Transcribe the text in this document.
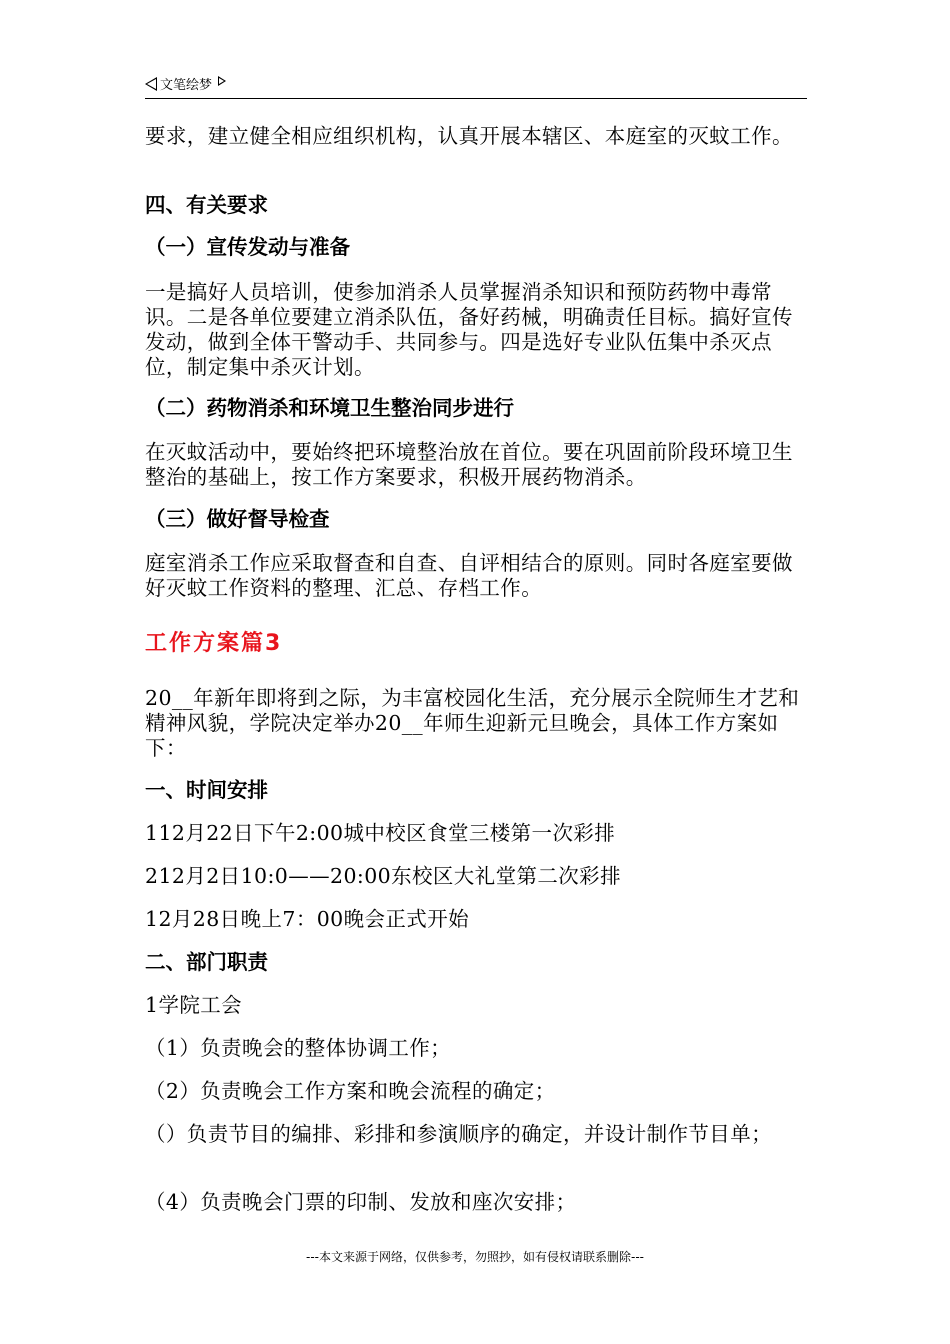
文笔绘梦

要求，建立健全相应组织机构，认真开展本辖区、本庭室的灭蚊工作。

四、有关要求

（一）宣传发动与准备

一是搞好人员培训，使参加消杀人员掌握消杀知识和预防药物中毒常识。二是各单位要建立消杀队伍，备好药械，明确责任目标。搞好宣传发动，做到全体干警动手、共同参与。四是选好专业队伍集中杀灭点位，制定集中杀灭计划。

（二）药物消杀和环境卫生整治同步进行

在灭蚊活动中，要始终把环境整治放在首位。要在巩固前阶段环境卫生整治的基础上，按工作方案要求，积极开展药物消杀。

（三）做好督导检查

庭室消杀工作应采取督查和自查、自评相结合的原则。同时各庭室要做好灭蚊工作资料的整理、汇总、存档工作。

工作方案篇3

20__年新年即将到之际，为丰富校园化生活，充分展示全院师生才艺和精神风貌，学院决定举办20__年师生迎新元旦晚会，具体工作方案如下：

一、时间安排

112月22日下午2:00城中校区食堂三楼第一次彩排

212月2日10:0——20:00东校区大礼堂第二次彩排

12月28日晚上7：00晚会正式开始

二、部门职责

1学院工会

（1）负责晚会的整体协调工作；

（2）负责晚会工作方案和晚会流程的确定；

（）负责节目的编排、彩排和参演顺序的确定，并设计制作节目单；

（4）负责晚会门票的印制、发放和座次安排；

---本文来源于网络，仅供参考，勿照抄，如有侵权请联系删除---
